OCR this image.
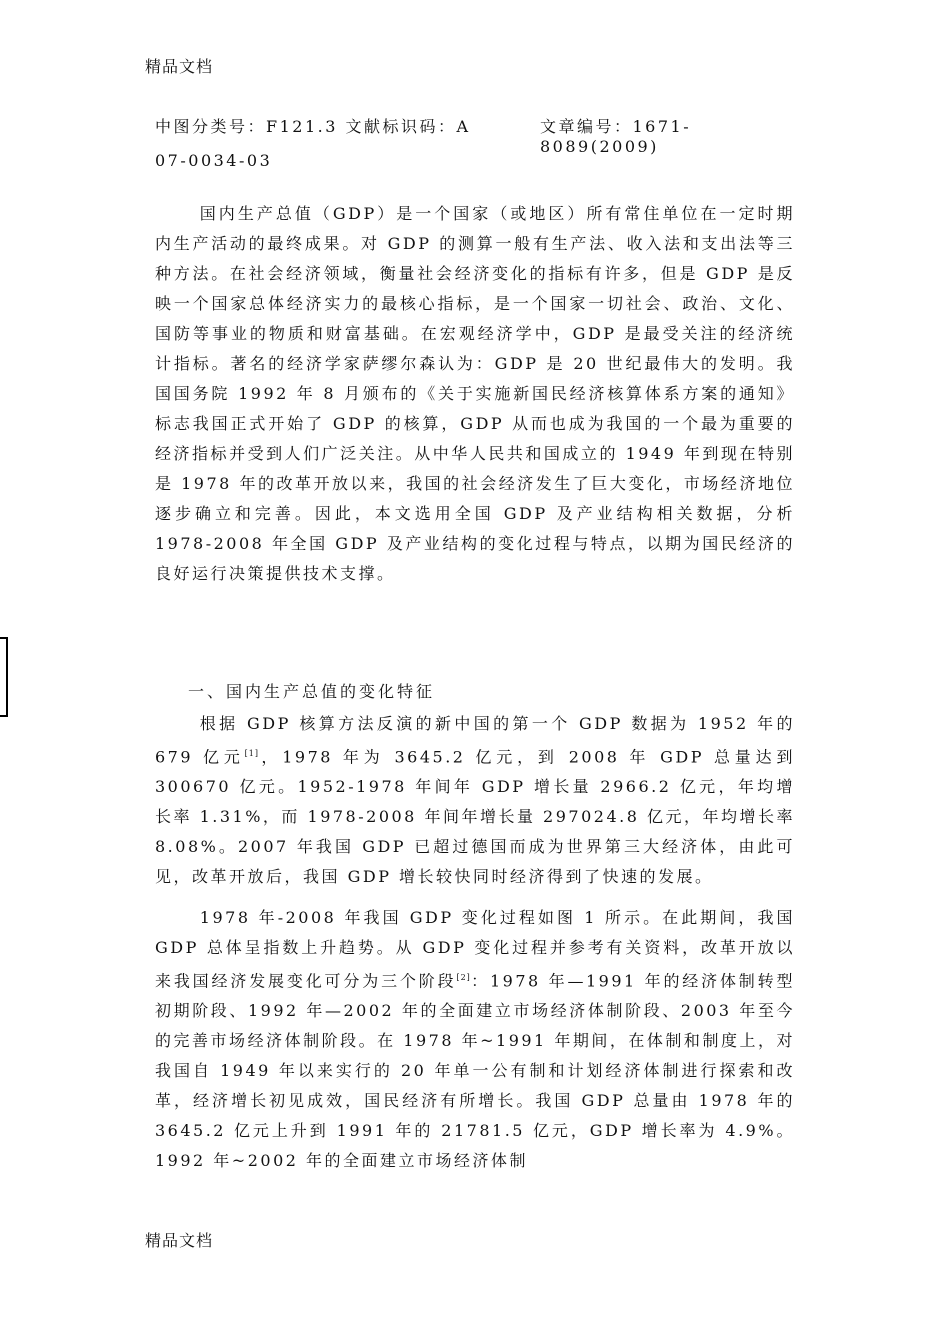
精品文档
中图分类号：F121.3 文献标识码：A	文章编号：1671-8089(2009)
07-0034-03

国内生产总值（GDP）是一个国家（或地区）所有常住单位在一定时期内生产活动的最终成果。对 GDP 的测算一般有生产法、收入法和支出法等三种方法。在社会经济领域，衡量社会经济变化的指标有许多，但是 GDP 是反映一个国家总体经济实力的最核心指标，是一个国家一切社会、政治、文化、国防等事业的物质和财富基础。在宏观经济学中，GDP 是最受关注的经济统计指标。著名的经济学家萨缪尔森认为：GDP 是 20 世纪最伟大的发明。我国国务院 1992 年 8 月颁布的《关于实施新国民经济核算体系方案的通知》标志我国正式开始了 GDP 的核算，GDP 从而也成为我国的一个最为重要的经济指标并受到人们广泛关注。从中华人民共和国成立的 1949 年到现在特别是 1978 年的改革开放以来，我国的社会经济发生了巨大变化，市场经济地位逐步确立和完善。因此，本文选用全国 GDP 及产业结构相关数据，分析 1978-2008 年全国 GDP 及产业结构的变化过程与特点，以期为国民经济的良好运行决策提供技术支撑。

一、国内生产总值的变化特征

根据 GDP 核算方法反演的新中国的第一个 GDP 数据为 1952 年的 679 亿元[1]，1978 年为 3645.2 亿元，到 2008 年 GDP 总量达到 300670 亿元。1952-1978 年间年 GDP 增长量 2966.2 亿元，年均增长率 1.31%，而 1978-2008 年间年增长量 297024.8 亿元，年均增长率 8.08%。2007 年我国 GDP 已超过德国而成为世界第三大经济体，由此可见，改革开放后，我国 GDP 增长较快同时经济得到了快速的发展。

1978 年-2008 年我国 GDP 变化过程如图 1 所示。在此期间，我国 GDP 总体呈指数上升趋势。从 GDP 变化过程并参考有关资料，改革开放以来我国经济发展变化可分为三个阶段[2]：1978 年—1991 年的经济体制转型初期阶段、1992 年—2002 年的全面建立市场经济体制阶段、2003 年至今的完善市场经济体制阶段。在 1978 年~1991 年期间，在体制和制度上，对我国自 1949 年以来实行的 20 年单一公有制和计划经济体制进行探索和改革，经济增长初见成效，国民经济有所增长。我国 GDP 总量由 1978 年的 3645.2 亿元上升到 1991 年的 21781.5 亿元，GDP 增长率为 4.9%。1992 年~2002 年的全面建立市场经济体制

精品文档
